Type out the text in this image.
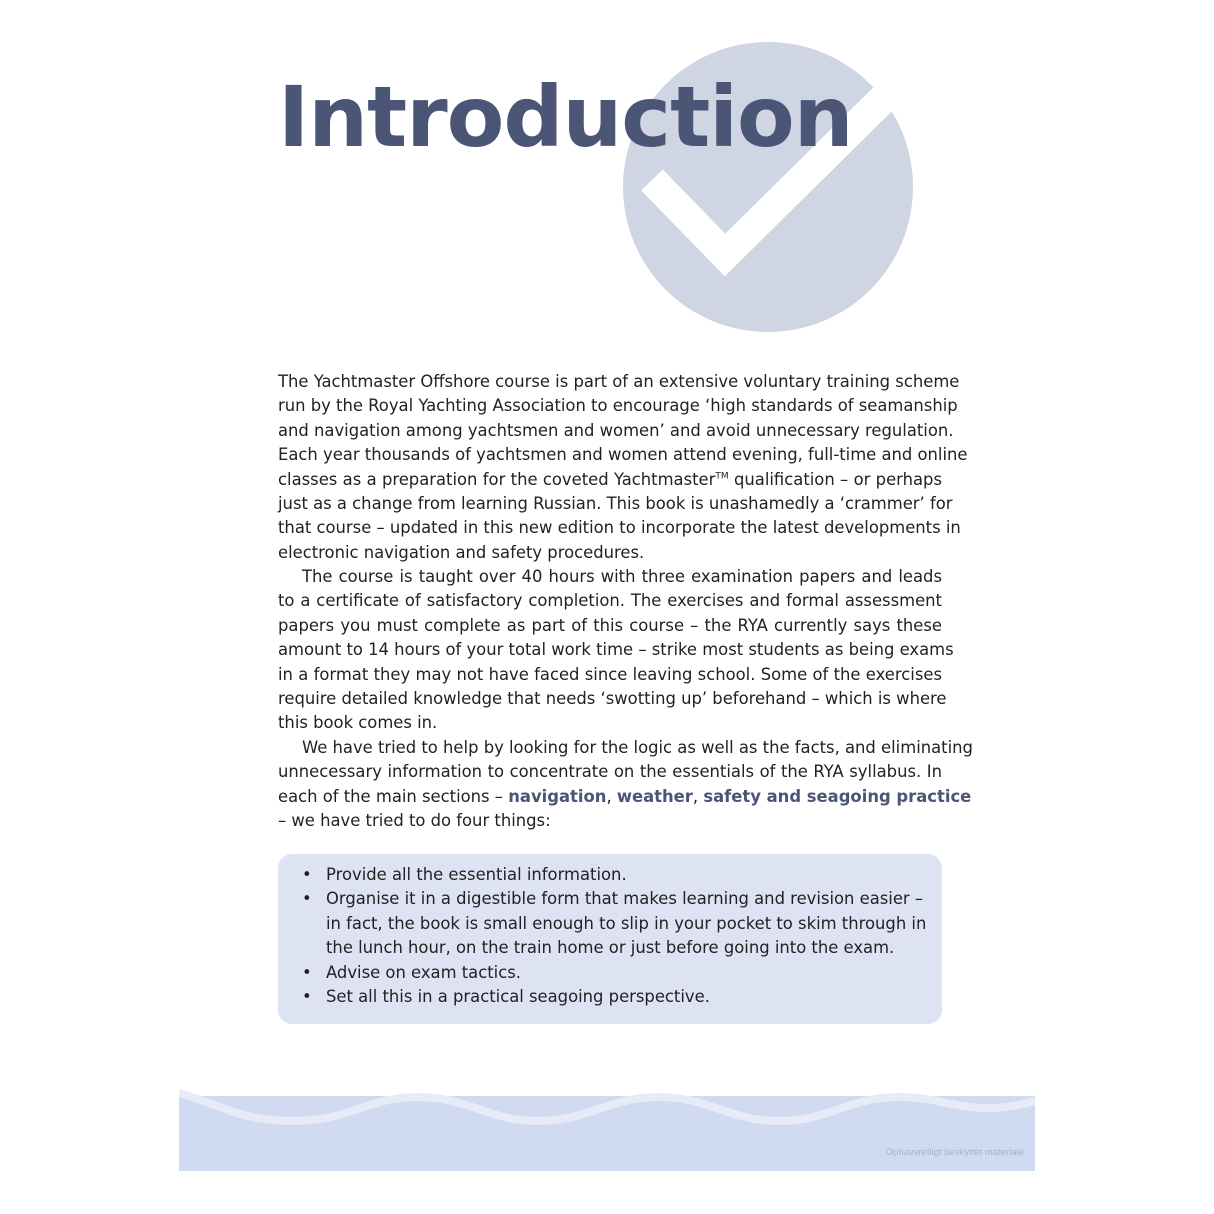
Introduction
The Yachtmaster Offshore course is part of an extensive voluntary training scheme
run by the Royal Yachting Association to encourage ‘high standards of seamanship
and navigation among yachtsmen and women’ and avoid unnecessary regulation.
Each year thousands of yachtsmen and women attend evening, full-time and online
classes as a preparation for the coveted Yachtmaster™ qualification – or perhaps
just as a change from learning Russian. This book is unashamedly a ‘crammer’ for
that course – updated in this new edition to incorporate the latest developments in
electronic navigation and safety procedures.
The course is taught over 40 hours with three examination papers and leads
to a certificate of satisfactory completion. The exercises and formal assessment
papers you must complete as part of this course – the RYA currently says these
amount to 14 hours of your total work time – strike most students as being exams
in a format they may not have faced since leaving school. Some of the exercises
require detailed knowledge that needs ‘swotting up’ beforehand – which is where
this book comes in.
We have tried to help by looking for the logic as well as the facts, and eliminating
unnecessary information to concentrate on the essentials of the RYA syllabus. In
each of the main sections – navigation, weather, safety and seagoing practice
– we have tried to do four things:
• Provide all the essential information.
• Organise it in a digestible form that makes learning and revision easier –
in fact, the book is small enough to slip in your pocket to skim through in
the lunch hour, on the train home or just before going into the exam.
• Advise on exam tactics.
• Set all this in a practical seagoing perspective.
Ophavsretligt beskyttet materiale
